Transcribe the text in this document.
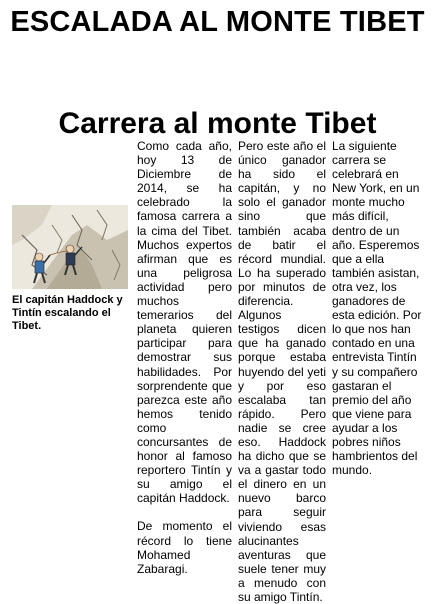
ESCALADA AL MONTE TIBET
Carrera al monte Tibet
El capitán Haddock y Tintín escalando el Tibet.

Como cada año, hoy 13 de Diciembre de 2014, se ha celebrado la famosa carrera a la cima del Tibet. Muchos expertos afirman que es una peligrosa actividad pero muchos temerarios del planeta quieren participar para demostrar sus habilidades. Por sorprendente que parezca este año hemos tenido como concursantes de honor al famoso reportero Tintín y su amigo el capitán Haddock.

De momento el récord lo tiene Mohamed Zabaragi.

Pero este año el único ganador ha sido el capitán, y no solo el ganador sino que también acaba de batir el récord mundial. Lo ha superado por minutos de diferencia. Algunos testigos dicen que ha ganado porque estaba huyendo del yeti y por eso escalaba tan rápido. Pero nadie se cree eso. Haddock ha dicho que se va a gastar todo el dinero en un nuevo barco para seguir viviendo esas alucinantes aventuras que suele tener muy a menudo con su amigo Tintín.

La siguiente carrera se celebrará en New York, en un monte mucho más difícil, dentro de un año. Esperemos que a ella también asistan, otra vez, los ganadores de esta edición. Por lo que nos han contado en una entrevista Tintín y su compañero gastaran el premio del año que viene para ayudar a los pobres niños hambrientos del mundo.
